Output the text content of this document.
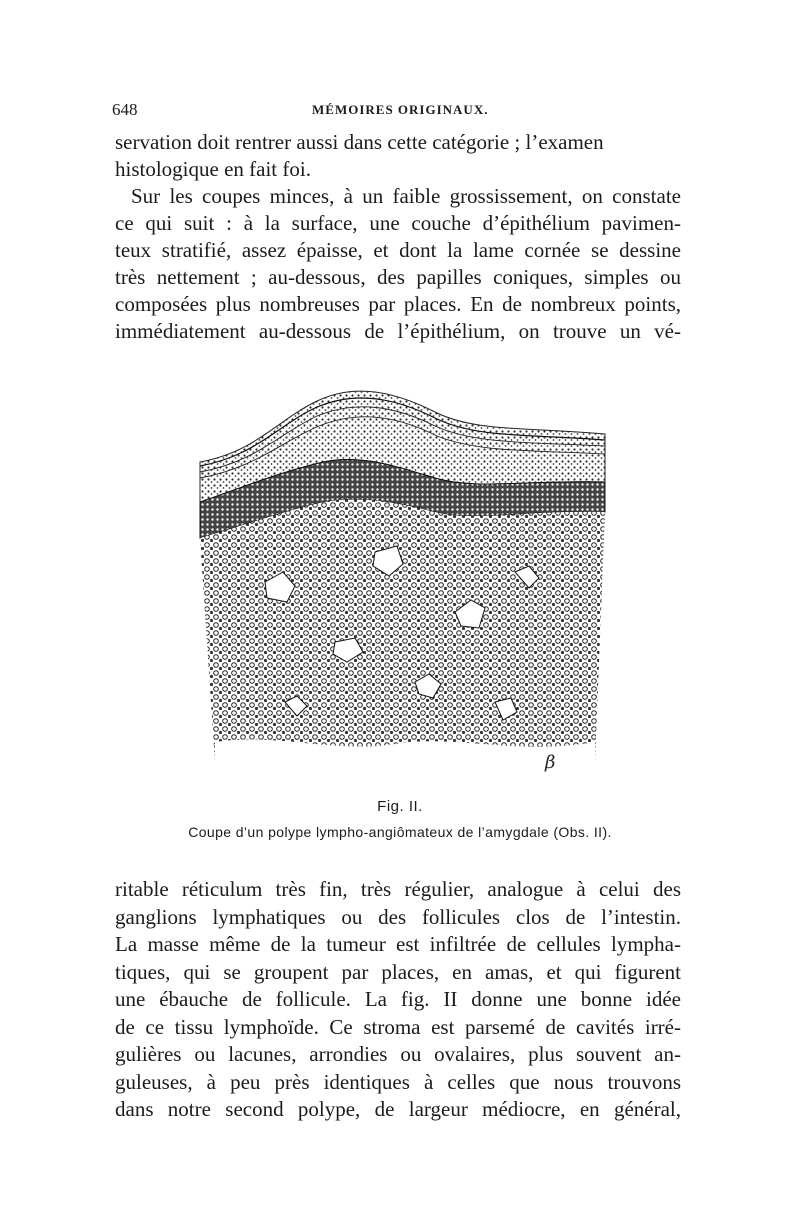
648	MÉMOIRES ORIGINAUX.
servation doit rentrer aussi dans cette catégorie ; l’examen
histologique en fait foi.
Sur les coupes minces, à un faible grossissement, on constate
ce qui suit : à la surface, une couche d’épithélium pavimen-
teux stratifié, assez épaisse, et dont la lame cornée se dessine
très nettement ; au-dessous, des papilles coniques, simples ou
composées plus nombreuses par places. En de nombreux points,
immédiatement au-dessous de l’épithélium, on trouve un vé-
β
Fig. II.
Coupe d’un polype lympho-angiômateux de l’amygdale (Obs. II).
ritable réticulum très fin, très régulier, analogue à celui des
ganglions lymphatiques ou des follicules clos de l’intestin.
La masse même de la tumeur est infiltrée de cellules lympha-
tiques, qui se groupent par places, en amas, et qui figurent
une ébauche de follicule. La fig. II donne une bonne idée
de ce tissu lymphoïde. Ce stroma est parsemé de cavités irré-
gulières ou lacunes, arrondies ou ovalaires, plus souvent an-
guleuses, à peu près identiques à celles que nous trouvons
dans notre second polype, de largeur médiocre, en général,
